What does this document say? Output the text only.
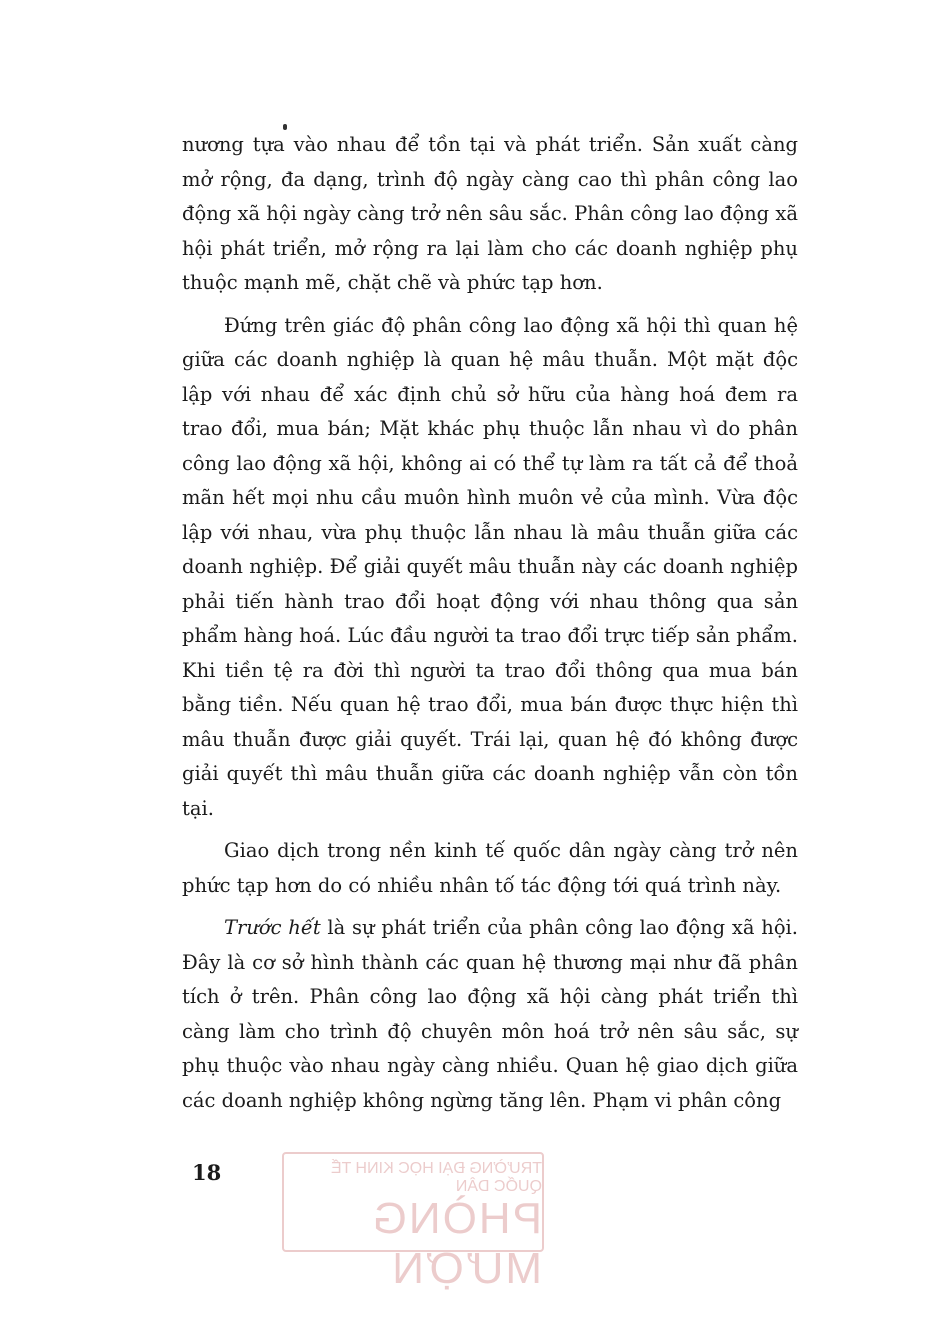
nương tựa vào nhau để tồn tại và phát triển. Sản xuất càng mở rộng, đa dạng, trình độ ngày càng cao thì phân công lao động xã hội ngày càng trở nên sâu sắc. Phân công lao động xã hội phát triển, mở rộng ra lại làm cho các doanh nghiệp phụ thuộc mạnh mẽ, chặt chẽ và phức tạp hơn.

Đứng trên giác độ phân công lao động xã hội thì quan hệ giữa các doanh nghiệp là quan hệ mâu thuẫn. Một mặt độc lập với nhau để xác định chủ sở hữu của hàng hoá đem ra trao đổi, mua bán; Mặt khác phụ thuộc lẫn nhau vì do phân công lao động xã hội, không ai có thể tự làm ra tất cả để thoả mãn hết mọi nhu cầu muôn hình muôn vẻ của mình. Vừa độc lập với nhau, vừa phụ thuộc lẫn nhau là mâu thuẫn giữa các doanh nghiệp. Để giải quyết mâu thuẫn này các doanh nghiệp phải tiến hành trao đổi hoạt động với nhau thông qua sản phẩm hàng hoá. Lúc đầu người ta trao đổi trực tiếp sản phẩm. Khi tiền tệ ra đời thì người ta trao đổi thông qua mua bán bằng tiền. Nếu quan hệ trao đổi, mua bán được thực hiện thì mâu thuẫn được giải quyết. Trái lại, quan hệ đó không được giải quyết thì mâu thuẫn giữa các doanh nghiệp vẫn còn tồn tại.

Giao dịch trong nền kinh tế quốc dân ngày càng trở nên phức tạp hơn do có nhiều nhân tố tác động tới quá trình này.

Trước hết là sự phát triển của phân công lao động xã hội. Đây là cơ sở hình thành các quan hệ thương mại như đã phân tích ở trên. Phân công lao động xã hội càng phát triển thì càng làm cho trình độ chuyên môn hoá trở nên sâu sắc, sự phụ thuộc vào nhau ngày càng nhiều. Quan hệ giao dịch giữa các doanh nghiệp không ngừng tăng lên. Phạm vi phân công

18	TRƯỜNG ĐẠI HỌC KINH TẾ QUỐC DÂN
PHÒNG MƯỢN
